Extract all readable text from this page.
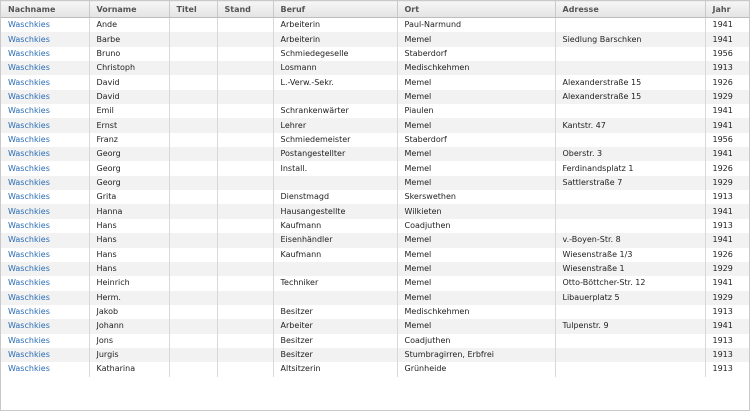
Nachname	Vorname	Titel	Stand	Beruf	Ort	Adresse	Jahr
Waschkies	Ande			Arbeiterin	Paul-Narmund		1941
Waschkies	Barbe			Arbeiterin	Memel	Siedlung Barschken	1941
Waschkies	Bruno			Schmiedegeselle	Staberdorf		1956
Waschkies	Christoph			Losmann	Medischkehmen		1913
Waschkies	David			L.-Verw.-Sekr.	Memel	Alexanderstraße 15	1926
Waschkies	David				Memel	Alexanderstraße 15	1929
Waschkies	Emil			Schrankenwärter	Piaulen		1941
Waschkies	Ernst			Lehrer	Memel	Kantstr. 47	1941
Waschkies	Franz			Schmiedemeister	Staberdorf		1956
Waschkies	Georg			Postangestellter	Memel	Oberstr. 3	1941
Waschkies	Georg			Install.	Memel	Ferdinandsplatz 1	1926
Waschkies	Georg				Memel	Sattlerstraße 7	1929
Waschkies	Grita			Dienstmagd	Skerswethen		1913
Waschkies	Hanna			Hausangestellte	Wilkieten		1941
Waschkies	Hans			Kaufmann	Coadjuthen		1913
Waschkies	Hans			Eisenhändler	Memel	v.-Boyen-Str. 8	1941
Waschkies	Hans			Kaufmann	Memel	Wiesenstraße 1/3	1926
Waschkies	Hans				Memel	Wiesenstraße 1	1929
Waschkies	Heinrich			Techniker	Memel	Otto-Böttcher-Str. 12	1941
Waschkies	Herm.				Memel	Libauerplatz 5	1929
Waschkies	Jakob			Besitzer	Medischkehmen		1913
Waschkies	Johann			Arbeiter	Memel	Tulpenstr. 9	1941
Waschkies	Jons			Besitzer	Coadjuthen		1913
Waschkies	Jurgis			Besitzer	Stumbragirren, Erbfrei		1913
Waschkies	Katharina			Altsitzerin	Grünheide		1913
